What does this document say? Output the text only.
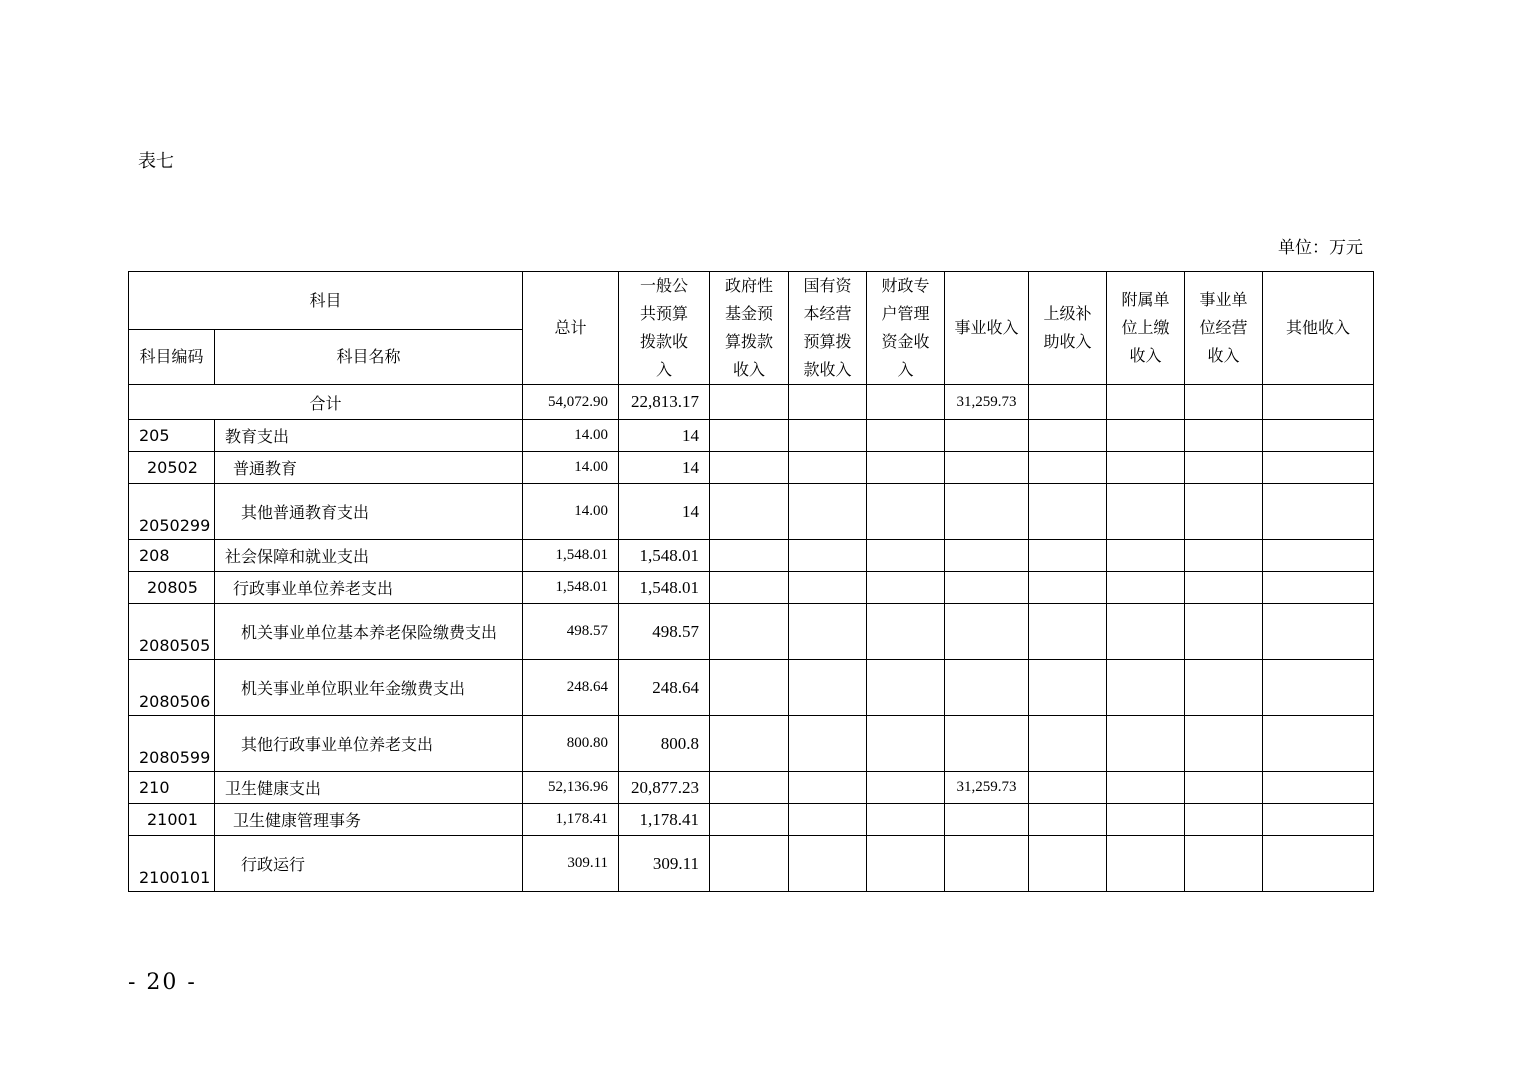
表七
单位：万元
科目		总计	一般公共预算拨款收入	政府性基金预算拨款收入	国有资本经营预算拨款收入	财政专户管理资金收入	事业收入	上级补助收入	附属单位上缴收入	事业单位经营收入	其他收入
科目编码	科目名称										
合计		54,072.90	22,813.17				31,259.73				
205	教育支出	14.00	14								
20502	普通教育	14.00	14								
2050299	其他普通教育支出	14.00	14								
208	社会保障和就业支出	1,548.01	1,548.01								
20805	行政事业单位养老支出	1,548.01	1,548.01								
2080505	机关事业单位基本养老保险缴费支出	498.57	498.57								
2080506	机关事业单位职业年金缴费支出	248.64	248.64								
2080599	其他行政事业单位养老支出	800.80	800.8								
210	卫生健康支出	52,136.96	20,877.23				31,259.73				
21001	卫生健康管理事务	1,178.41	1,178.41								
2100101	行政运行	309.11	309.11								
- 20 -
